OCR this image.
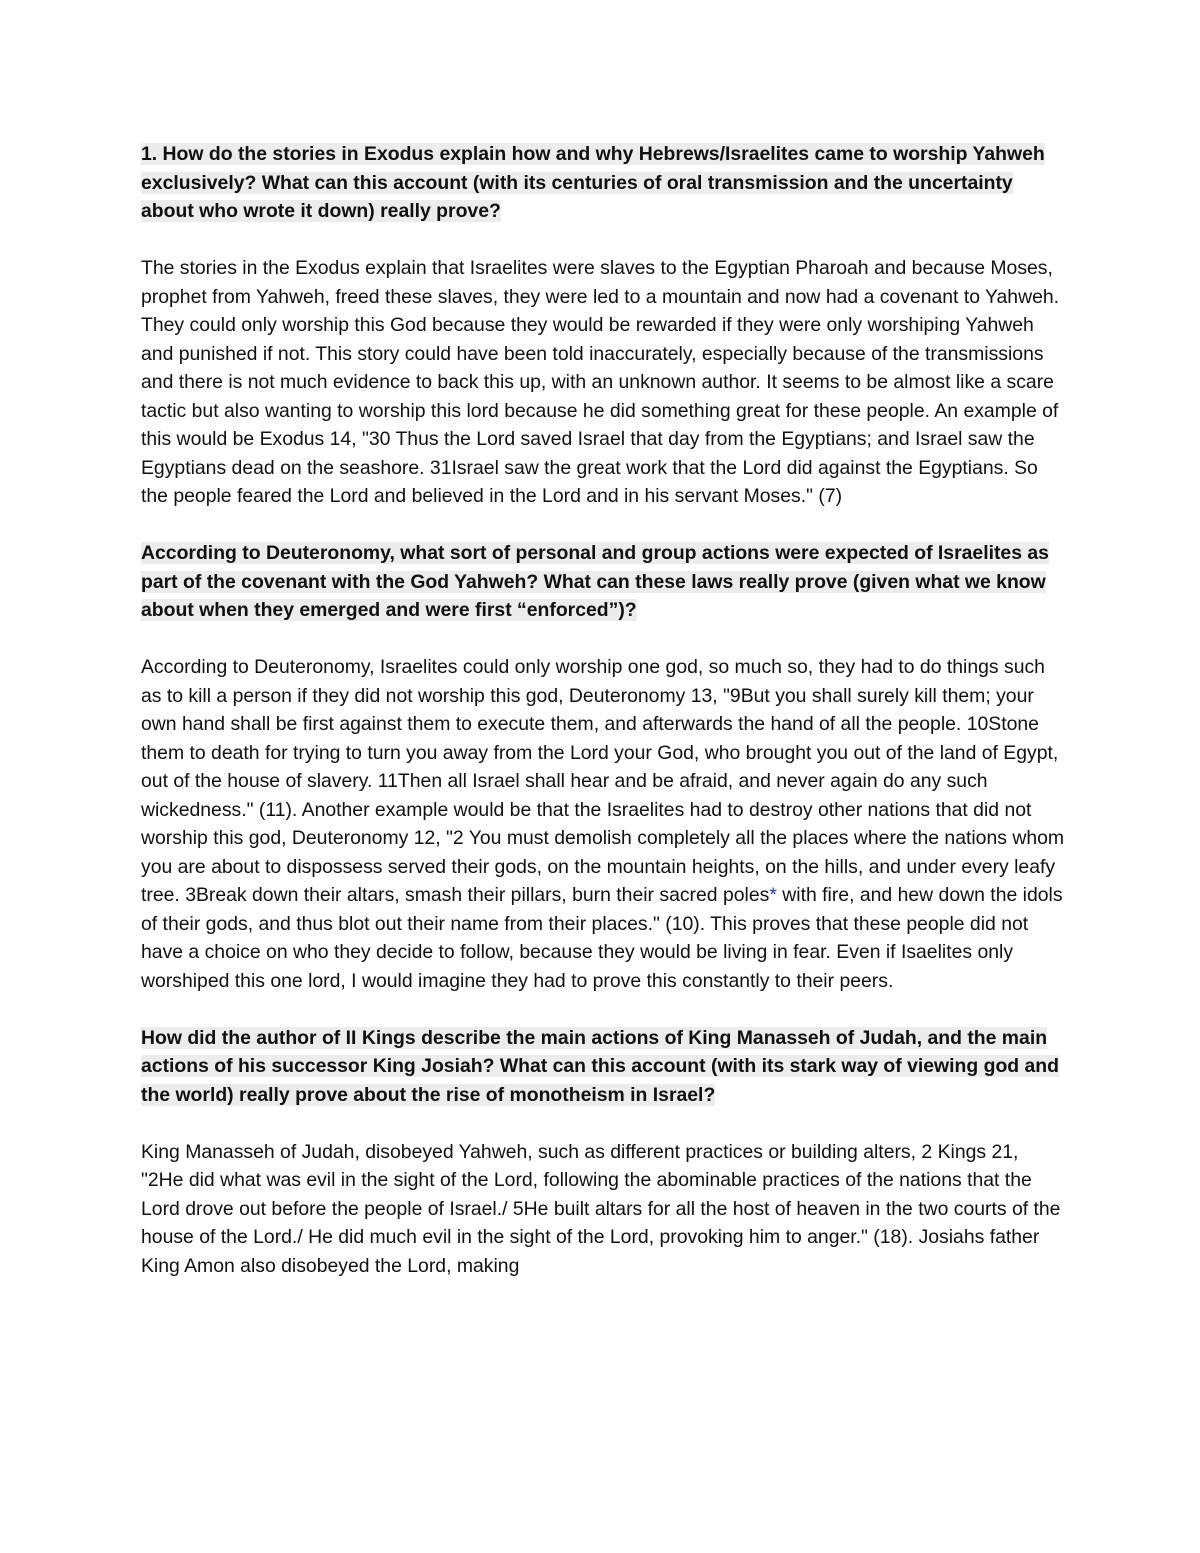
1. How do the stories in Exodus explain how and why Hebrews/Israelites came to worship Yahweh exclusively? What can this account (with its centuries of oral transmission and the uncertainty about who wrote it down) really prove?

The stories in the Exodus explain that Israelites were slaves to the Egyptian Pharoah and because Moses, prophet from Yahweh, freed these slaves, they were led to a mountain and now had a covenant to Yahweh. They could only worship this God because they would be rewarded if they were only worshiping Yahweh and punished if not. This story could have been told inaccurately, especially because of the transmissions and there is not much evidence to back this up, with an unknown author. It seems to be almost like a scare tactic but also wanting to worship this lord because he did something great for these people. An example of this would be Exodus 14, "30 Thus the Lord saved Israel that day from the Egyptians; and Israel saw the Egyptians dead on the seashore. 31Israel saw the great work that the Lord did against the Egyptians. So the people feared the Lord and believed in the Lord and in his servant Moses." (7)

According to Deuteronomy, what sort of personal and group actions were expected of Israelites as part of the covenant with the God Yahweh? What can these laws really prove (given what we know about when they emerged and were first “enforced”)?

According to Deuteronomy, Israelites could only worship one god, so much so, they had to do things such as to kill a person if they did not worship this god, Deuteronomy 13, "9But you shall surely kill them; your own hand shall be first against them to execute them, and afterwards the hand of all the people. 10Stone them to death for trying to turn you away from the Lord your God, who brought you out of the land of Egypt, out of the house of slavery. 11Then all Israel shall hear and be afraid, and never again do any such wickedness." (11). Another example would be that the Israelites had to destroy other nations that did not worship this god, Deuteronomy 12, "2 You must demolish completely all the places where the nations whom you are about to dispossess served their gods, on the mountain heights, on the hills, and under every leafy tree. 3Break down their altars, smash their pillars, burn their sacred poles* with fire, and hew down the idols of their gods, and thus blot out their name from their places." (10). This proves that these people did not have a choice on who they decide to follow, because they would be living in fear. Even if Isaelites only worshiped this one lord, I would imagine they had to prove this constantly to their peers.

How did the author of II Kings describe the main actions of King Manasseh of Judah, and the main actions of his successor King Josiah? What can this account (with its stark way of viewing god and the world) really prove about the rise of monotheism in Israel?

King Manasseh of Judah, disobeyed Yahweh, such as different practices or building alters, 2 Kings 21, "2He did what was evil in the sight of the Lord, following the abominable practices of the nations that the Lord drove out before the people of Israel./ 5He built altars for all the host of heaven in the two courts of the house of the Lord./ He did much evil in the sight of the Lord, provoking him to anger." (18). Josiahs father King Amon also disobeyed the Lord, making
